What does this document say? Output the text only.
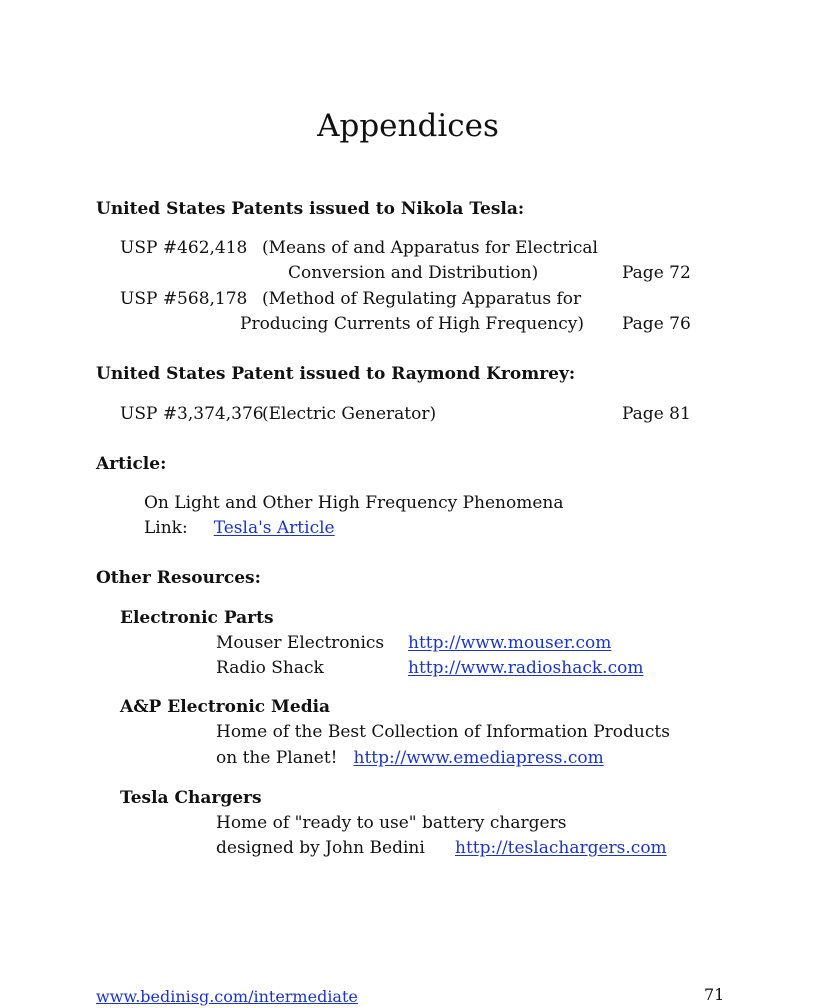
Appendices
United States Patents issued to Nikola Tesla:
USP #462,418 (Means of and Apparatus for Electrical
Conversion and Distribution)	Page 72
USP #568,178 (Method of Regulating Apparatus for
Producing Currents of High Frequency) Page 76
United States Patent issued to Raymond Kromrey:
USP #3,374,376
(Electric Generator)	Page 81
Article:
On Light and Other High Frequency Phenomena
Link: Tesla's Article
Other Resources:
Electronic Parts
Mouser Electronics http://www.mouser.com
Radio Shack	http://www.radioshack.com
A&P Electronic Media
Home of the Best Collection of Information Products
on the Planet! http://www.emediapress.com
Tesla Chargers
Home of "ready to use" battery chargers
designed by John Bedini http://teslachargers.com
www.bedinisg.com/intermediate	71
